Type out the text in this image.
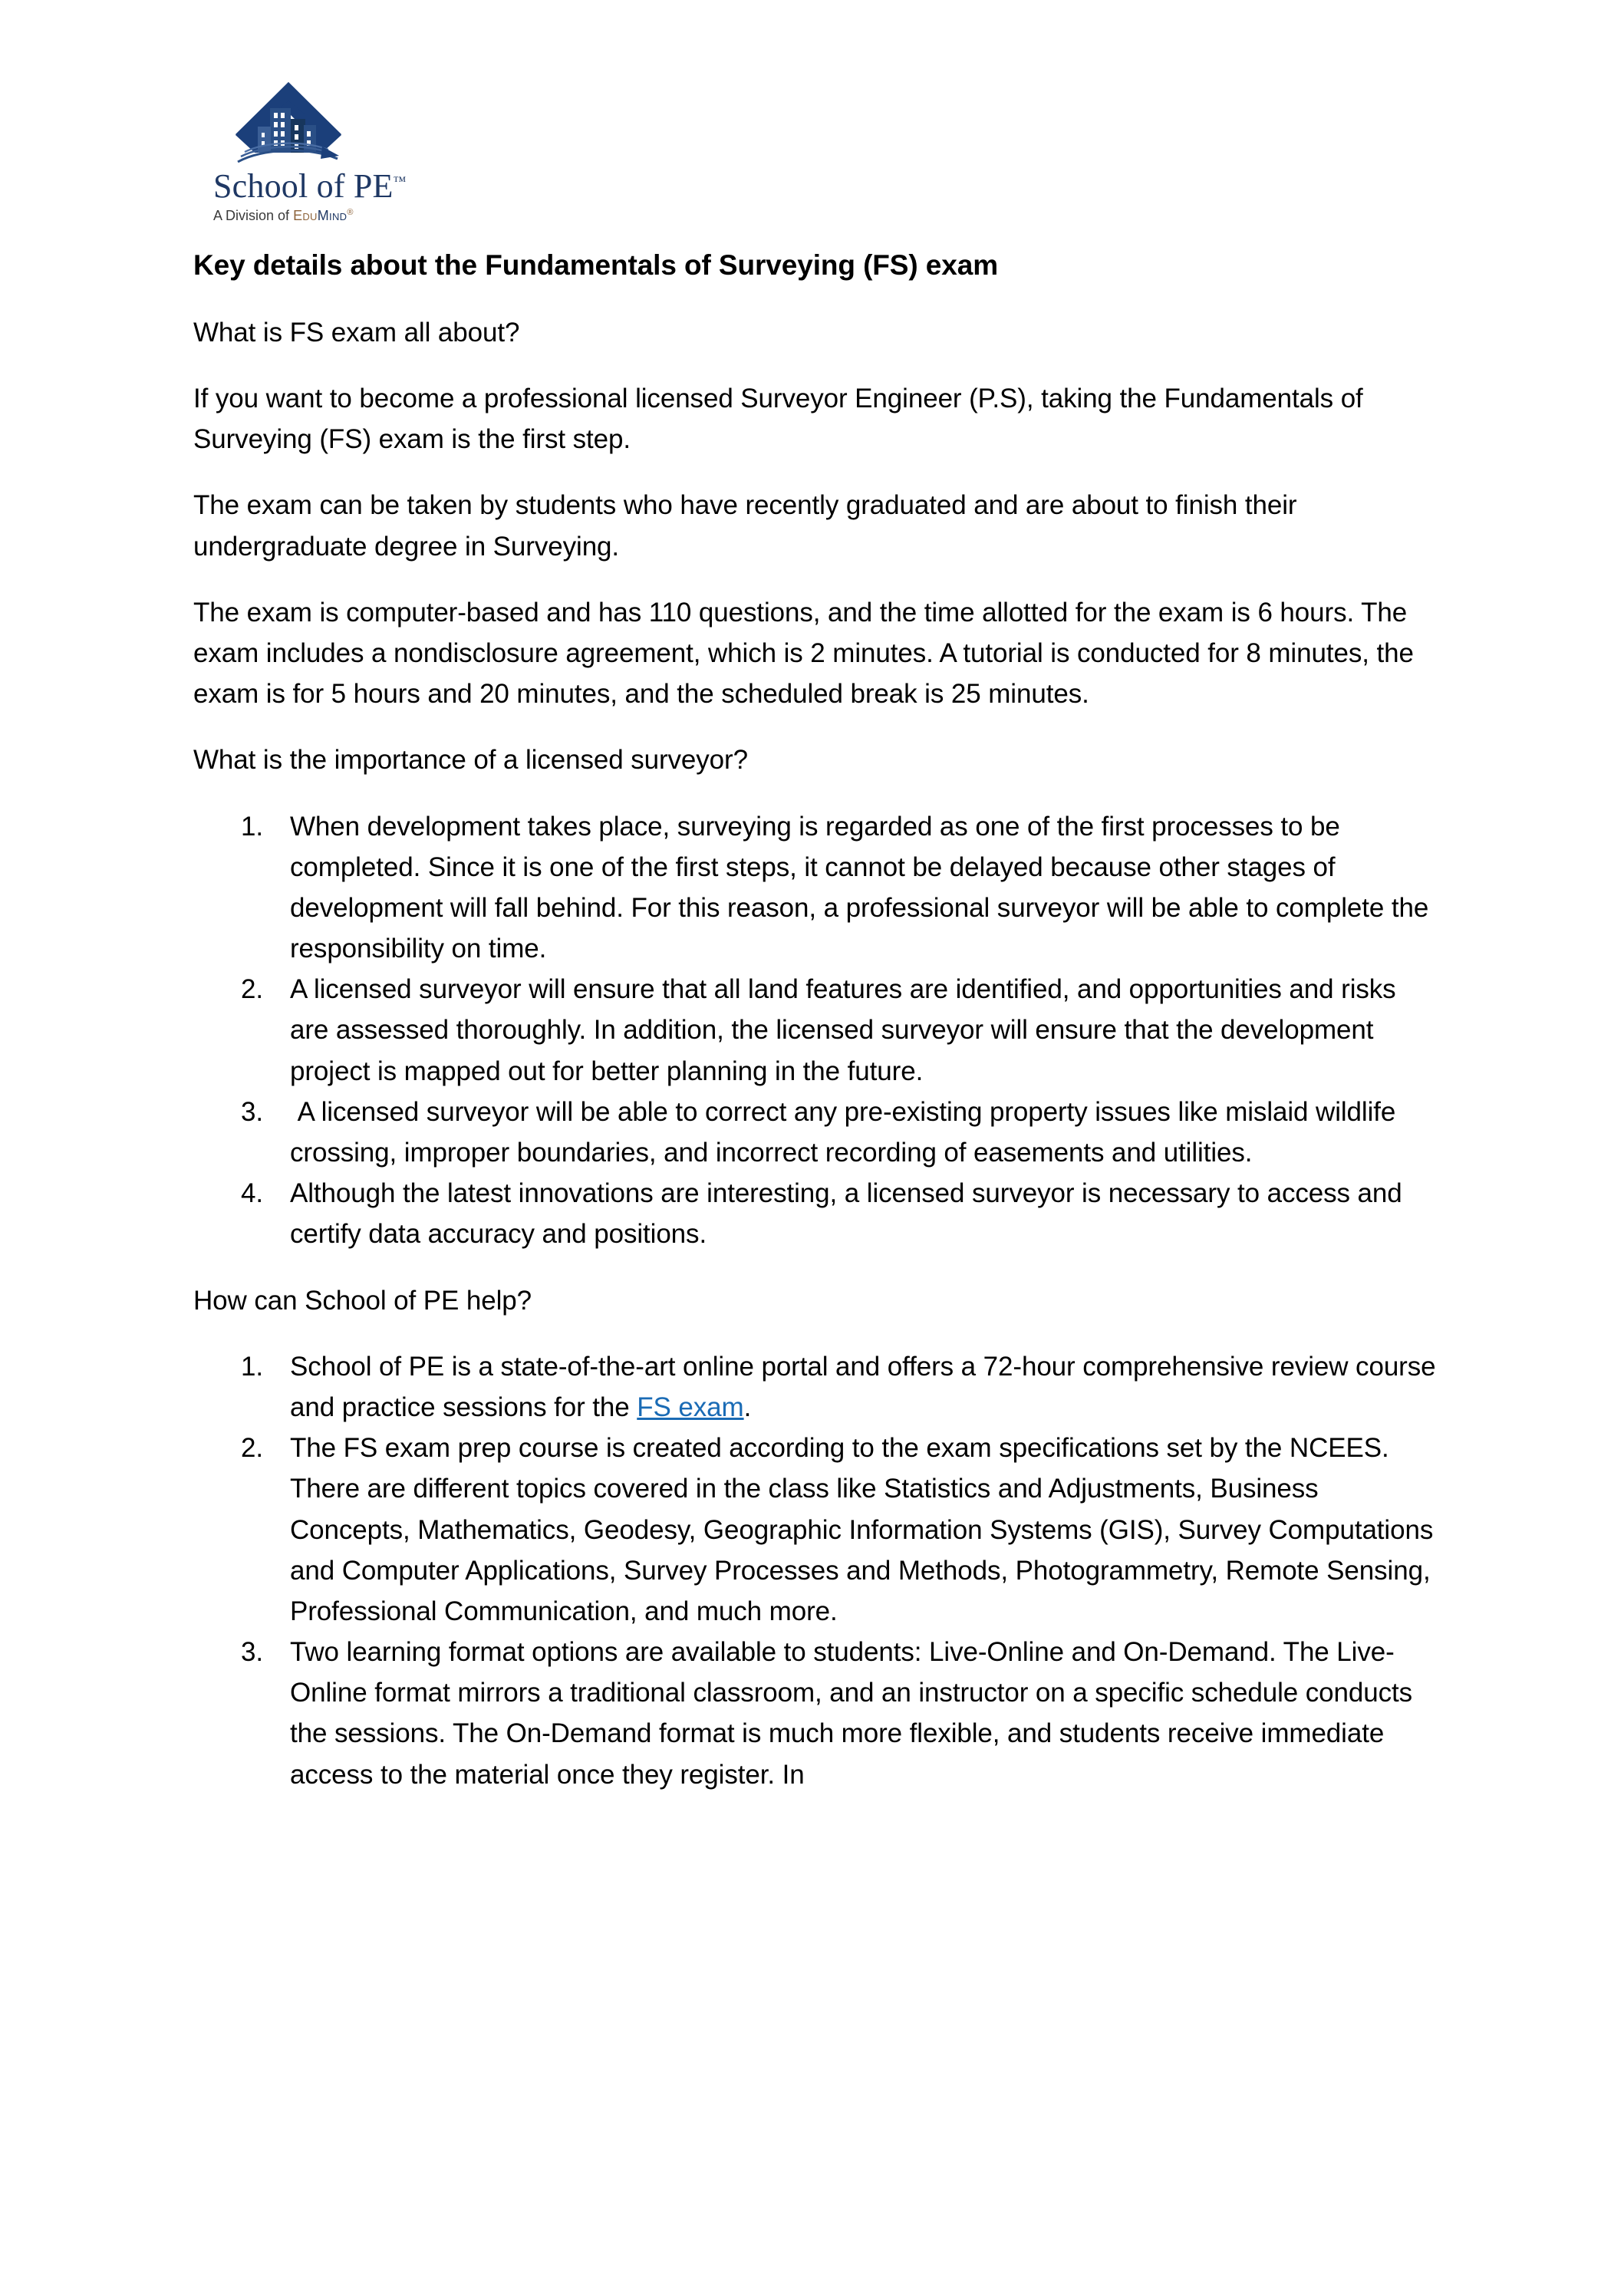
School of PE™
A Division of EduMind®
Key details about the Fundamentals of Surveying (FS) exam

What is FS exam all about?

If you want to become a professional licensed Surveyor Engineer (P.S), taking the Fundamentals of Surveying (FS) exam is the first step.

The exam can be taken by students who have recently graduated and are about to finish their undergraduate degree in Surveying.

The exam is computer-based and has 110 questions, and the time allotted for the exam is 6 hours. The exam includes a nondisclosure agreement, which is 2 minutes. A tutorial is conducted for 8 minutes, the exam is for 5 hours and 20 minutes, and the scheduled break is 25 minutes.

What is the importance of a licensed surveyor?

When development takes place, surveying is regarded as one of the first processes to be completed. Since it is one of the first steps, it cannot be delayed because other stages of development will fall behind. For this reason, a professional surveyor will be able to complete the responsibility on time.
A licensed surveyor will ensure that all land features are identified, and opportunities and risks are assessed thoroughly. In addition, the licensed surveyor will ensure that the development project is mapped out for better planning in the future.
A licensed surveyor will be able to correct any pre-existing property issues like mislaid wildlife crossing, improper boundaries, and incorrect recording of easements and utilities.
Although the latest innovations are interesting, a licensed surveyor is necessary to access and certify data accuracy and positions.

How can School of PE help?

School of PE is a state-of-the-art online portal and offers a 72-hour comprehensive review course and practice sessions for the FS exam.
The FS exam prep course is created according to the exam specifications set by the NCEES. There are different topics covered in the class like Statistics and Adjustments, Business Concepts, Mathematics, Geodesy, Geographic Information Systems (GIS), Survey Computations and Computer Applications, Survey Processes and Methods, Photogrammetry, Remote Sensing, Professional Communication, and much more.
Two learning format options are available to students: Live-Online and On-Demand. The Live-Online format mirrors a traditional classroom, and an instructor on a specific schedule conducts the sessions. The On-Demand format is much more flexible, and students receive immediate access to the material once they register. In
